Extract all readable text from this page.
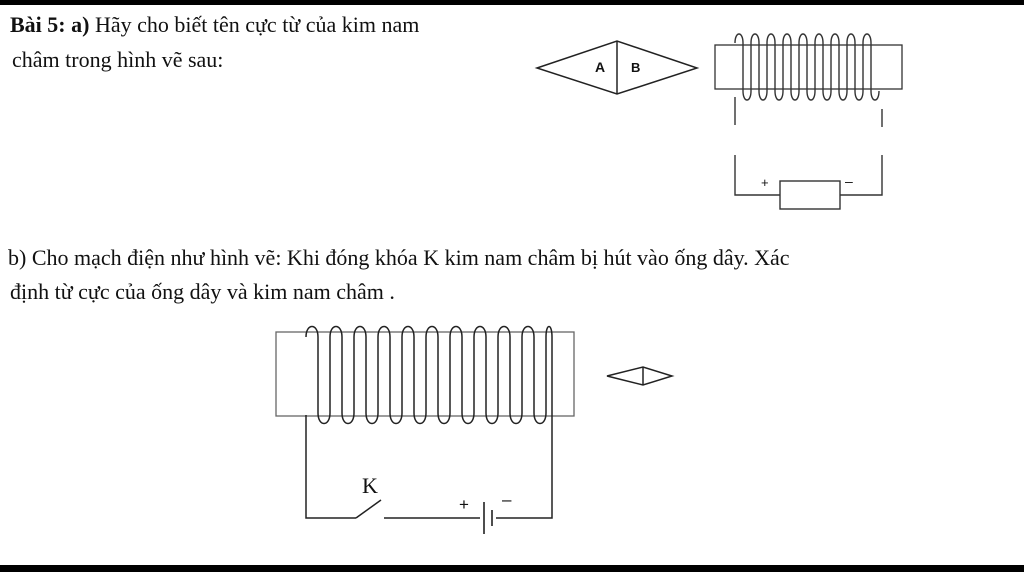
Bài 5: a) Hãy cho biết tên cực từ của kim nam

châm trong hình vẽ sau:

b) Cho mạch điện như hình vẽ: Khi đóng khóa K kim nam châm bị hút vào ống dây. Xác

định từ cực của ống dây và kim nam châm .

A B
+	–
K
+ –
